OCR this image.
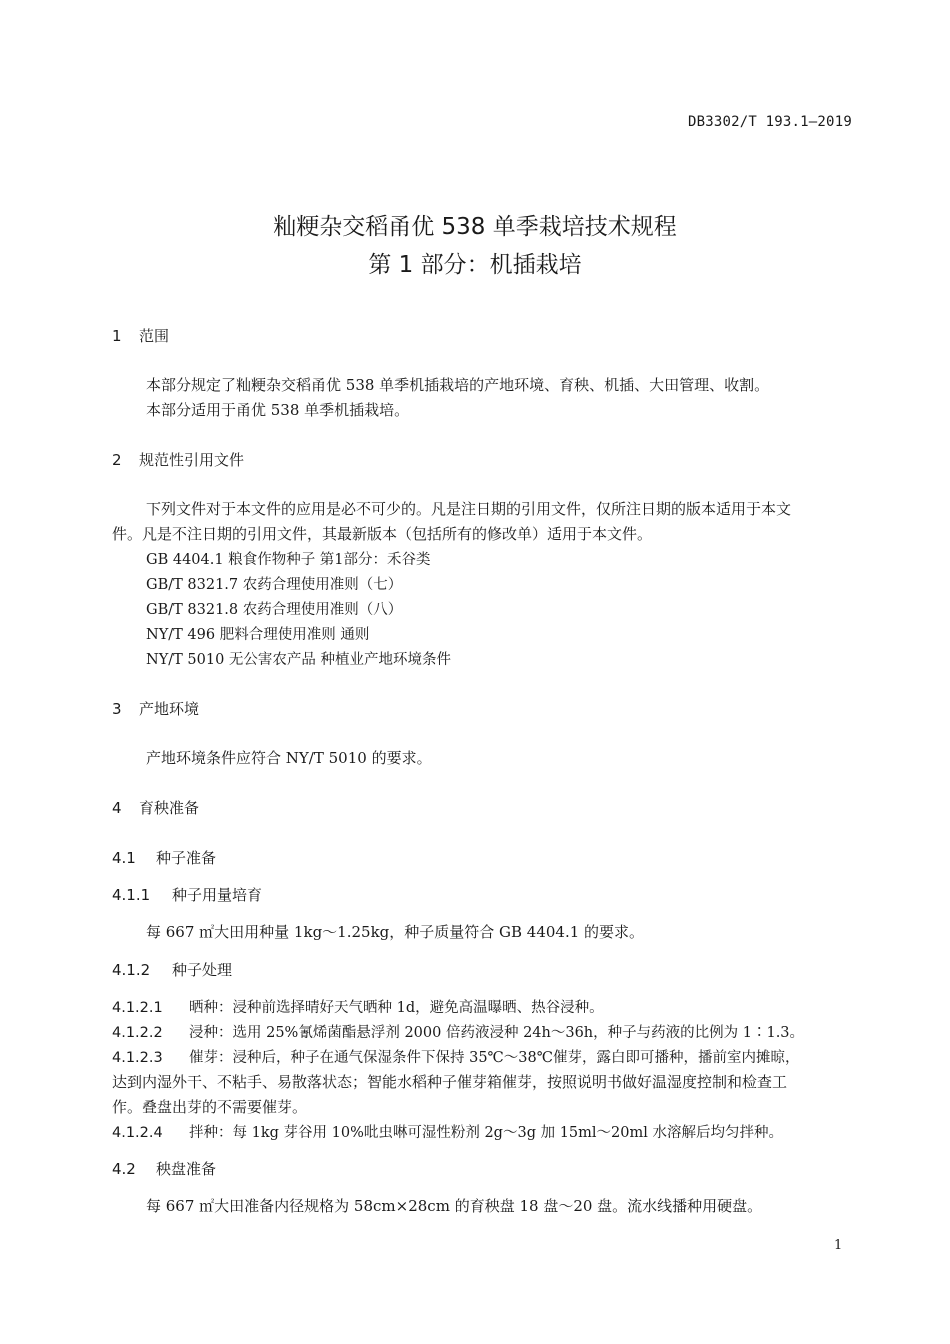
DB3302/T 193.1—2019
籼粳杂交稻甬优 538 单季栽培技术规程
第 1 部分：机插栽培
1 范围
本部分规定了籼粳杂交稻甬优 538 单季机插栽培的产地环境、育秧、机插、大田管理、收割。
本部分适用于甬优 538 单季机插栽培。
2 规范性引用文件
下列文件对于本文件的应用是必不可少的。凡是注日期的引用文件，仅所注日期的版本适用于本文
件。凡是不注日期的引用文件，其最新版本（包括所有的修改单）适用于本文件。
GB 4404.1 粮食作物种子 第1部分：禾谷类
GB/T 8321.7 农药合理使用准则（七）
GB/T 8321.8 农药合理使用准则（八）
NY/T 496 肥料合理使用准则 通则
NY/T 5010 无公害农产品 种植业产地环境条件
3 产地环境
产地环境条件应符合 NY/T 5010 的要求。
4 育秧准备
4.1 种子准备
4.1.1 种子用量培育
每 667 ㎡大田用种量 1kg～1.25kg，种子质量符合 GB 4404.1 的要求。
4.1.2 种子处理
4.1.2.1 晒种：浸种前选择晴好天气晒种 1d，避免高温曝晒、热谷浸种。
4.1.2.2 浸种：选用 25%氰烯菌酯悬浮剂 2000 倍药液浸种 24h～36h，种子与药液的比例为 1∶1.3。
4.1.2.3 催芽：浸种后，种子在通气保湿条件下保持 35℃～38℃催芽，露白即可播种，播前室内摊晾，
达到内湿外干、不粘手、易散落状态；智能水稻种子催芽箱催芽，按照说明书做好温湿度控制和检查工
作。叠盘出芽的不需要催芽。
4.1.2.4 拌种：每 1kg 芽谷用 10%吡虫啉可湿性粉剂 2g～3g 加 15ml～20ml 水溶解后均匀拌种。
4.2 秧盘准备
每 667 ㎡大田准备内径规格为 58cm×28cm 的育秧盘 18 盘～20 盘。流水线播种用硬盘。
1
